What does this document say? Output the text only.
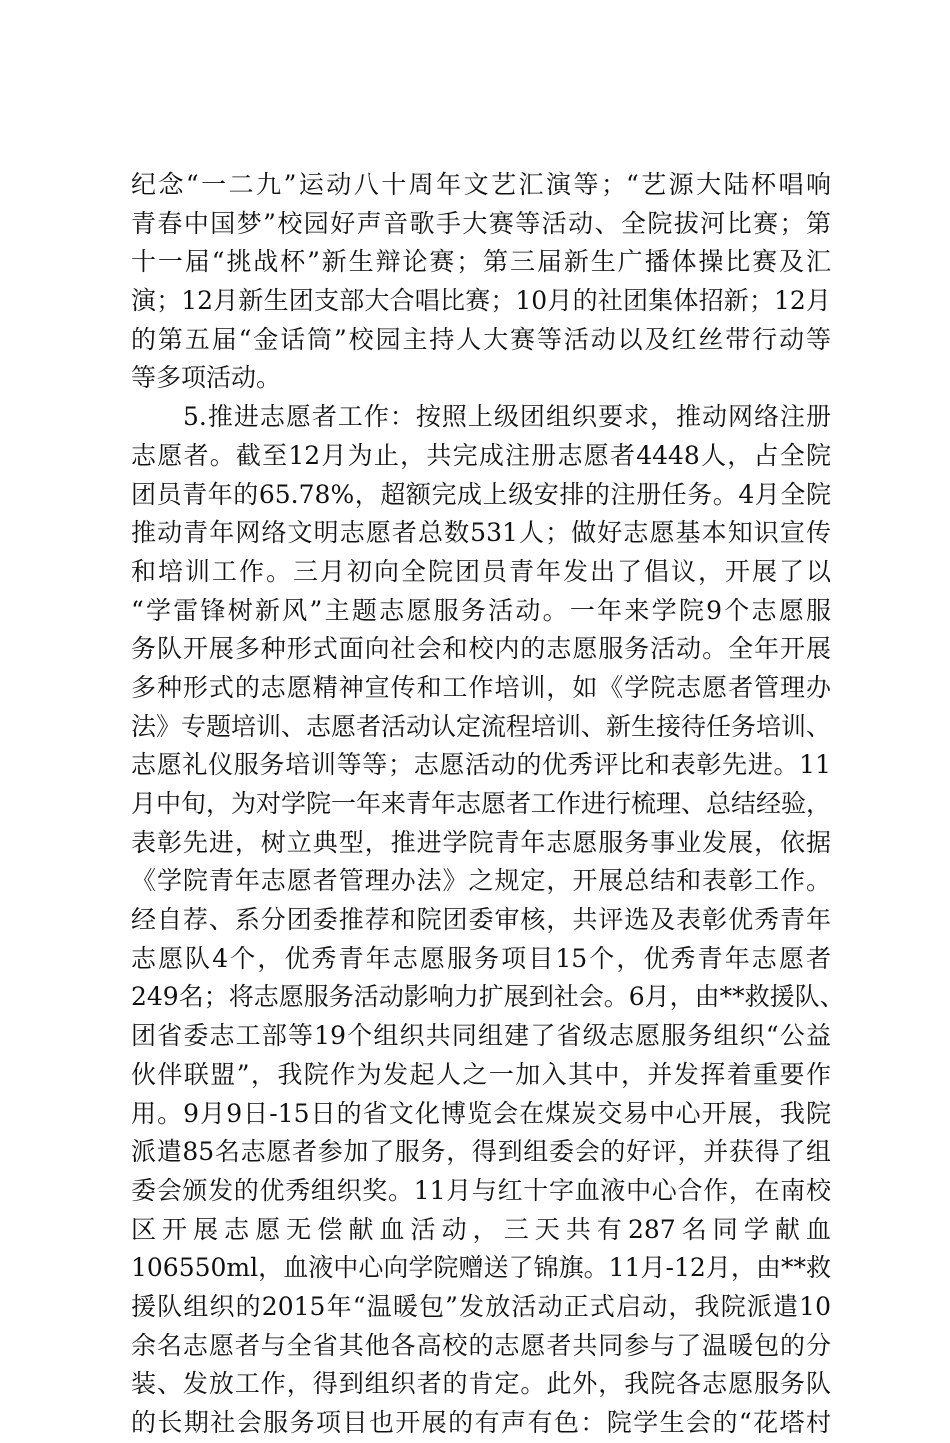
纪念“一二九”运动八十周年文艺汇演等；“艺源大陆杯唱响
青春中国梦”校园好声音歌手大赛等活动、全院拔河比赛；第
十一届“挑战杯”新生辩论赛；第三届新生广播体操比赛及汇
演；12月新生团支部大合唱比赛；10月的社团集体招新；12月
的第五届“金话筒”校园主持人大赛等活动以及红丝带行动等
等多项活动。
　　5.推进志愿者工作：按照上级团组织要求，推动网络注册
志愿者。截至12月为止，共完成注册志愿者4448人，占全院
团员青年的65.78%，超额完成上级安排的注册任务。4月全院
推动青年网络文明志愿者总数531人；做好志愿基本知识宣传
和培训工作。三月初向全院团员青年发出了倡议，开展了以
“学雷锋树新风”主题志愿服务活动。一年来学院9个志愿服
务队开展多种形式面向社会和校内的志愿服务活动。全年开展
多种形式的志愿精神宣传和工作培训，如《学院志愿者管理办
法》专题培训、志愿者活动认定流程培训、新生接待任务培训、
志愿礼仪服务培训等等；志愿活动的优秀评比和表彰先进。11
月中旬，为对学院一年来青年志愿者工作进行梳理、总结经验，
表彰先进，树立典型，推进学院青年志愿服务事业发展，依据
《学院青年志愿者管理办法》之规定，开展总结和表彰工作。
经自荐、系分团委推荐和院团委审核，共评选及表彰优秀青年
志愿队4个，优秀青年志愿服务项目15个，优秀青年志愿者
249名；将志愿服务活动影响力扩展到社会。6月，由**救援队、
团省委志工部等19个组织共同组建了省级志愿服务组织“公益
伙伴联盟”，我院作为发起人之一加入其中，并发挥着重要作
用。9月9日-15日的省文化博览会在煤炭交易中心开展，我院
派遣85名志愿者参加了服务，得到组委会的好评，并获得了组
委会颁发的优秀组织奖。11月与红十字血液中心合作，在南校
区开展志愿无偿献血活动，三天共有287名同学献血
106550ml，血液中心向学院赠送了锦旗。11月-12月，由**救
援队组织的2015年“温暖包”发放活动正式启动，我院派遣10
余名志愿者与全省其他各高校的志愿者共同参与了温暖包的分
装、发放工作，得到组织者的肯定。此外，我院各志愿服务队
的长期社会服务项目也开展的有声有色：院学生会的“花塔村
